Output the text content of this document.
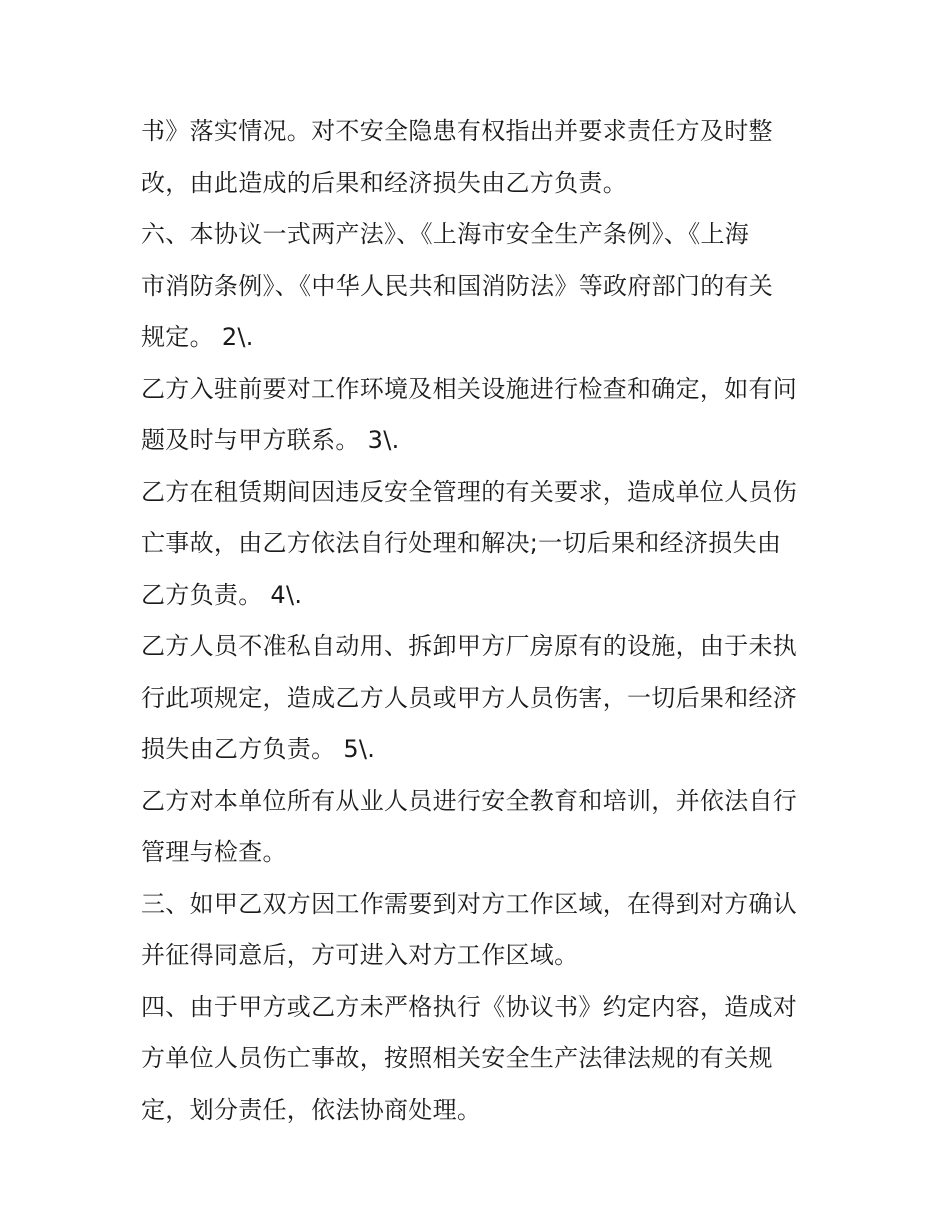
书》落实情况。对不安全隐患有权指出并要求责任方及时整
改，由此造成的后果和经济损失由乙方负责。
六、本协议一式两产法》、《上海市安全生产条例》、《上海
市消防条例》、《中华人民共和国消防法》等政府部门的有关
规定。 2\.
乙方入驻前要对工作环境及相关设施进行检查和确定，如有问
题及时与甲方联系。 3\.
乙方在租赁期间因违反安全管理的有关要求，造成单位人员伤
亡事故，由乙方依法自行处理和解决;一切后果和经济损失由
乙方负责。 4\.
乙方人员不准私自动用、拆卸甲方厂房原有的设施，由于未执
行此项规定，造成乙方人员或甲方人员伤害，一切后果和经济
损失由乙方负责。 5\.
乙方对本单位所有从业人员进行安全教育和培训，并依法自行
管理与检查。
三、如甲乙双方因工作需要到对方工作区域，在得到对方确认
并征得同意后，方可进入对方工作区域。
四、由于甲方或乙方未严格执行《协议书》约定内容，造成对
方单位人员伤亡事故，按照相关安全生产法律法规的有关规
定，划分责任，依法协商处理。
